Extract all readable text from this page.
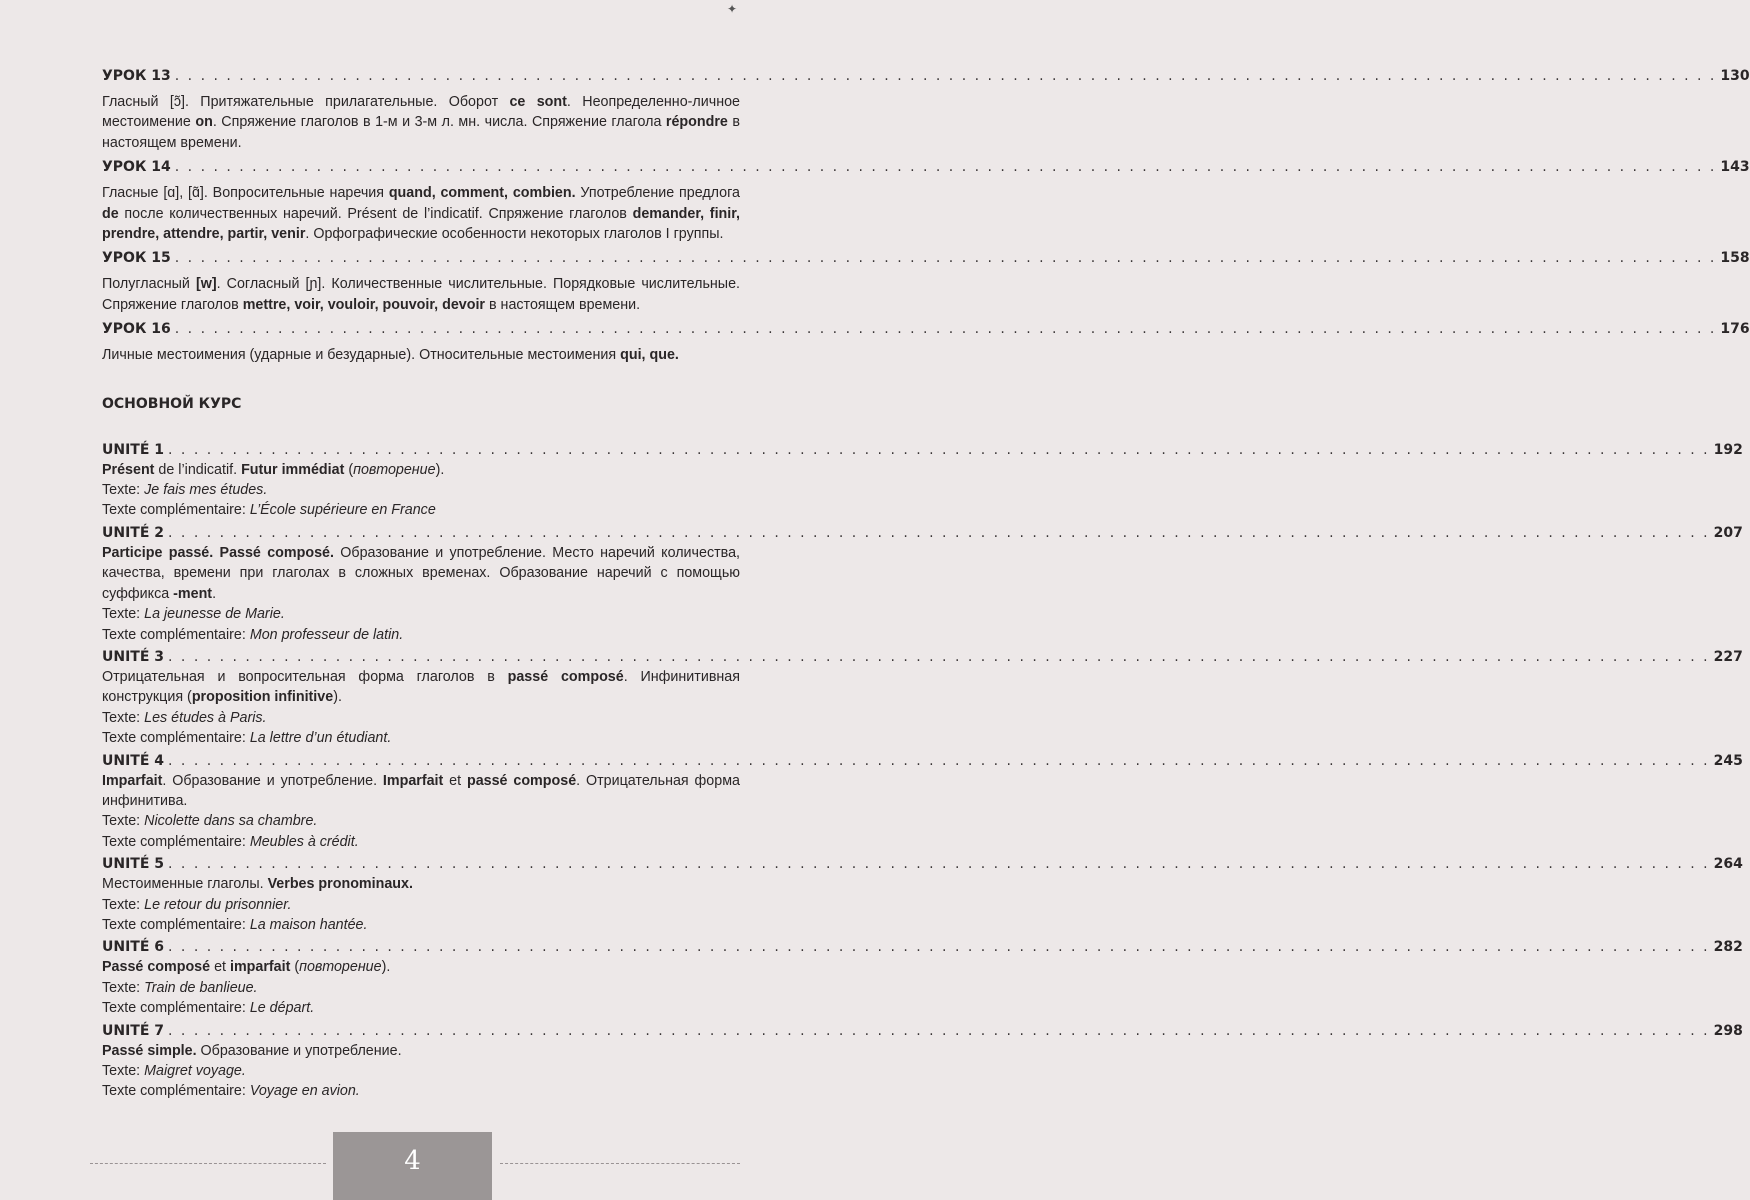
✦
УРОК 13 . . . . . . . . . . . . . . . . . . . . . . . . . . . . . . . . . . . . . . . . . . . . . . . . . . . . . . . . . . . . . . . . . . . . . . . . . . . . . . . . . . . . . . . . . . . . . . . . . . . . . . . . . . . . . . . . . . . . . . . . 130

Гласный [ɔ̃]. Притяжательные прилагательные. Оборот ce sont. Неопределенно-личное местоимение on. Спряжение глаголов в 1-м и 3-м л. мн. числа. Спряжение глагола répondre в настоящем времени.

УРОК 14 . . . . . . . . . . . . . . . . . . . . . . . . . . . . . . . . . . . . . . . . . . . . . . . . . . . . . . . . . . . . . . . . . . . . . . . . . . . . . . . . . . . . . . . . . . . . . . . . . . . . . . . . . . . . . . . . . . . . . . . . 143

Гласные [ɑ], [ɑ̃]. Вопросительные наречия quand, comment, combien. Употребление предлога de после количественных наречий. Présent de l’indicatif. Спряжение глаголов demander, finir, prendre, attendre, partir, venir. Орфографические особенности некоторых глаголов I группы.

УРОК 15 . . . . . . . . . . . . . . . . . . . . . . . . . . . . . . . . . . . . . . . . . . . . . . . . . . . . . . . . . . . . . . . . . . . . . . . . . . . . . . . . . . . . . . . . . . . . . . . . . . . . . . . . . . . . . . . . . . . . . . . . 158

Полугласный [w]. Согласный [ɲ]. Количественные числительные. Порядковые числительные. Спряжение глаголов mettre, voir, vouloir, pouvoir, devoir в настоящем времени.

УРОК 16 . . . . . . . . . . . . . . . . . . . . . . . . . . . . . . . . . . . . . . . . . . . . . . . . . . . . . . . . . . . . . . . . . . . . . . . . . . . . . . . . . . . . . . . . . . . . . . . . . . . . . . . . . . . . . . . . . . . . . . . . 176

Личные местоимения (ударные и безударные). Относительные местоимения qui, que.

ОСНОВНОЙ КУРС
UNITÉ 1 . . . . . . . . . . . . . . . . . . . . . . . . . . . . . . . . . . . . . . . . . . . . . . . . . . . . . . . . . . . . . . . . . . . . . . . . . . . . . . . . . . . . . . . . . . . . . . . . . . . . . . . . . . . . . . . . . . . . . . . . 192

Présent de l’indicatif. Futur immédiat (повторение).

Texte: Je fais mes études.
Texte complémentaire: L’École supérieure en France
UNITÉ 2 . . . . . . . . . . . . . . . . . . . . . . . . . . . . . . . . . . . . . . . . . . . . . . . . . . . . . . . . . . . . . . . . . . . . . . . . . . . . . . . . . . . . . . . . . . . . . . . . . . . . . . . . . . . . . . . . . . . . . . . . 207

Participe passé. Passé composé. Образование и употребление. Место наречий количества, качества, времени при глаголах в сложных временах. Образование наречий с помощью суффикса -ment.

Texte: La jeunesse de Marie.
Texte complémentaire: Mon professeur de latin.
UNITÉ 3 . . . . . . . . . . . . . . . . . . . . . . . . . . . . . . . . . . . . . . . . . . . . . . . . . . . . . . . . . . . . . . . . . . . . . . . . . . . . . . . . . . . . . . . . . . . . . . . . . . . . . . . . . . . . . . . . . . . . . . . . 227

Отрицательная и вопросительная форма глаголов в passé composé. Инфинитивная конструкция (proposition infinitive).

Texte: Les études à Paris.
Texte complémentaire: La lettre d’un étudiant.
UNITÉ 4 . . . . . . . . . . . . . . . . . . . . . . . . . . . . . . . . . . . . . . . . . . . . . . . . . . . . . . . . . . . . . . . . . . . . . . . . . . . . . . . . . . . . . . . . . . . . . . . . . . . . . . . . . . . . . . . . . . . . . . . . 245

Imparfait. Образование и употребление. Imparfait et passé composé. Отрицательная форма инфинитива.

Texte: Nicolette dans sa chambre.
Texte complémentaire: Meubles à crédit.
UNITÉ 5 . . . . . . . . . . . . . . . . . . . . . . . . . . . . . . . . . . . . . . . . . . . . . . . . . . . . . . . . . . . . . . . . . . . . . . . . . . . . . . . . . . . . . . . . . . . . . . . . . . . . . . . . . . . . . . . . . . . . . . . . 264

Местоименные глаголы. Verbes pronominaux.

Texte: Le retour du prisonnier.
Texte complémentaire: La maison hantée.
UNITÉ 6 . . . . . . . . . . . . . . . . . . . . . . . . . . . . . . . . . . . . . . . . . . . . . . . . . . . . . . . . . . . . . . . . . . . . . . . . . . . . . . . . . . . . . . . . . . . . . . . . . . . . . . . . . . . . . . . . . . . . . . . . 282

Passé composé et imparfait (повторение).

Texte: Train de banlieue.
Texte complémentaire: Le départ.
UNITÉ 7 . . . . . . . . . . . . . . . . . . . . . . . . . . . . . . . . . . . . . . . . . . . . . . . . . . . . . . . . . . . . . . . . . . . . . . . . . . . . . . . . . . . . . . . . . . . . . . . . . . . . . . . . . . . . . . . . . . . . . . . . 298

Passé simple. Образование и употребление.

Texte: Maigret voyage.
Texte complémentaire: Voyage en avion.
4
